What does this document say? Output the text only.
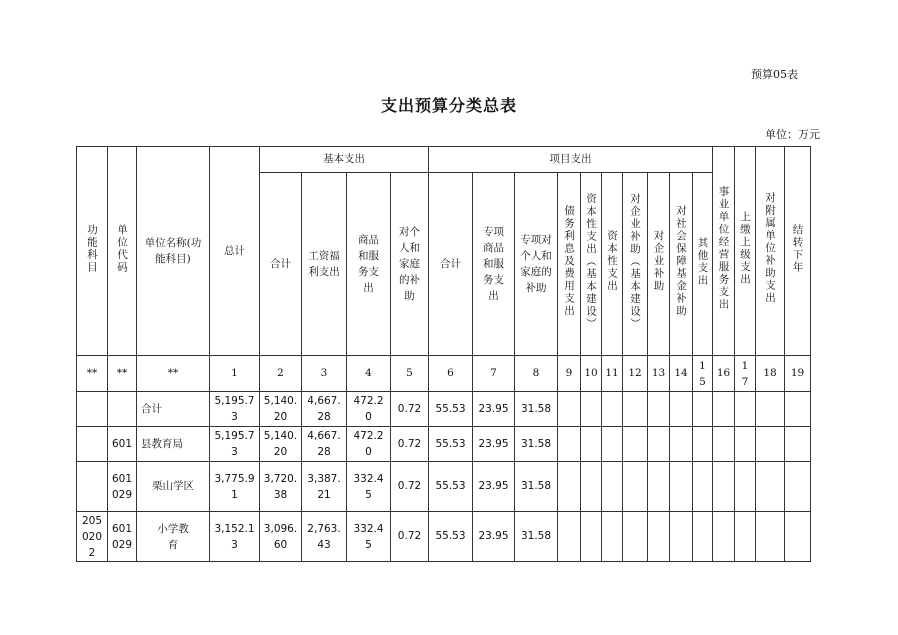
预算05表
支出预算分类总表
单位：万元
功能科目	单位代码	单位名称(功能科目)	总计	基本支出				项目支出										事业单位经营服务支出	上缴上级支出	对附属单位补助支出	结转下年
				合计	工资福利支出	商品和服务支出	对个人和家庭的补助	合计	专项商品和服务支出	专项对个人和家庭的补助	债务利息及费用支出	资本性支出（基本建设）	资本性支出	对企业补助（基本建设）	对企业补助	对社会保障基金补助	其他支出				
**	**	**	1	2	3	4	5	6	7	8	9	10	11	12	13	14	15	16	17	18	19
		合计	5,195.73	5,140.20	4,667.28	472.20	0.72	55.53	23.95	31.58											
	601	县教育局	5,195.73	5,140.20	4,667.28	472.20	0.72	55.53	23.95	31.58											
	601029	栗山学区	3,775.91	3,720.38	3,387.21	332.45	0.72	55.53	23.95	31.58											
2050202	601029	小学教育	3,152.13	3,096.60	2,763.43	332.45	0.72	55.53	23.95	31.58											
